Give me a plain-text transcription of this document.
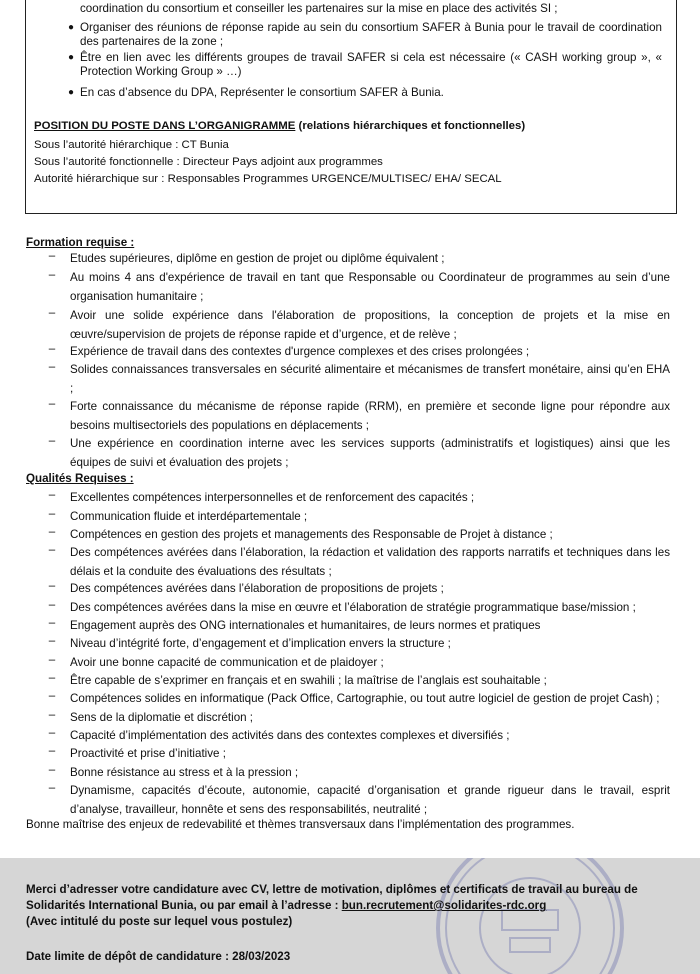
coordination du consortium et conseiller les partenaires sur la mise en place des activités SI ;
● Organiser des réunions de réponse rapide au sein du consortium SAFER à Bunia pour le travail de coordination des partenaires de la zone ;
● Être en lien avec les différents groupes de travail SAFER si cela est nécessaire (« CASH working group », « Protection Working Group » …)
● En cas d’absence du DPA, Représenter le consortium SAFER à Bunia.
POSITION DU POSTE DANS L’ORGANIGRAMME (relations hiérarchiques et fonctionnelles)
Sous l’autorité hiérarchique : CT Bunia
Sous l’autorité fonctionnelle : Directeur Pays adjoint aux programmes
Autorité hiérarchique sur : Responsables Programmes URGENCE/MULTISEC/ EHA/ SECAL
Formation requise :
–	Etudes supérieures, diplôme en gestion de projet ou diplôme équivalent ;
–	Au moins 4 ans d'expérience de travail en tant que Responsable ou Coordinateur de programmes au sein d’une organisation humanitaire ;
–	Avoir une solide expérience dans l'élaboration de propositions, la conception de projets et la mise en œuvre/supervision de projets de réponse rapide et d’urgence, et de relève ;
–	Expérience de travail dans des contextes d'urgence complexes et des crises prolongées ;
–	Solides connaissances transversales en sécurité alimentaire et mécanismes de transfert monétaire, ainsi qu’en EHA ;
–	Forte connaissance du mécanisme de réponse rapide (RRM), en première et seconde ligne pour répondre aux besoins multisectoriels des populations en déplacements ;
–	Une expérience en coordination interne avec les services supports (administratifs et logistiques) ainsi que les équipes de suivi et évaluation des projets ;
Qualités Requises :
–	Excellentes compétences interpersonnelles et de renforcement des capacités ;
–	Communication fluide et interdépartementale ;
–	Compétences en gestion des projets et managements des Responsable de Projet à distance ;
–	Des compétences avérées dans l’élaboration, la rédaction et validation des rapports narratifs et techniques dans les délais et la conduite des évaluations des résultats ;
–	Des compétences avérées dans l’élaboration de propositions de projets ;
–	Des compétences avérées dans la mise en œuvre et l’élaboration de stratégie programmatique base/mission ;
–	Engagement auprès des ONG internationales et humanitaires, de leurs normes et pratiques
–	Niveau d’intégrité forte, d’engagement et d’implication envers la structure ;
–	Avoir une bonne capacité de communication et de plaidoyer ;
–	Être capable de s’exprimer en français et en swahili ; la maîtrise de l’anglais est souhaitable ;
–	Compétences solides en informatique (Pack Office, Cartographie, ou tout autre logiciel de gestion de projet Cash) ;
–	Sens de la diplomatie et discrétion ;
–	Capacité d’implémentation des activités dans des contextes complexes et diversifiés ;
–	Proactivité et prise d’initiative ;
–	Bonne résistance au stress et à la pression ;
–	Dynamisme, capacités d’écoute, autonomie, capacité d’organisation et grande rigueur dans le travail, esprit d’analyse, travailleur, honnête et sens des responsabilités, neutralité ;
Bonne maîtrise des enjeux de redevabilité et thèmes transversaux dans l’implémentation des programmes.
Merci d’adresser votre candidature avec CV, lettre de motivation, diplômes et certificats de travail au bureau de Solidarités International Bunia, ou par email à l’adresse : bun.recrutement@solidarites-rdc.org
(Avec intitulé du poste sur lequel vous postulez)
Date limite de dépôt de candidature : 28/03/2023
